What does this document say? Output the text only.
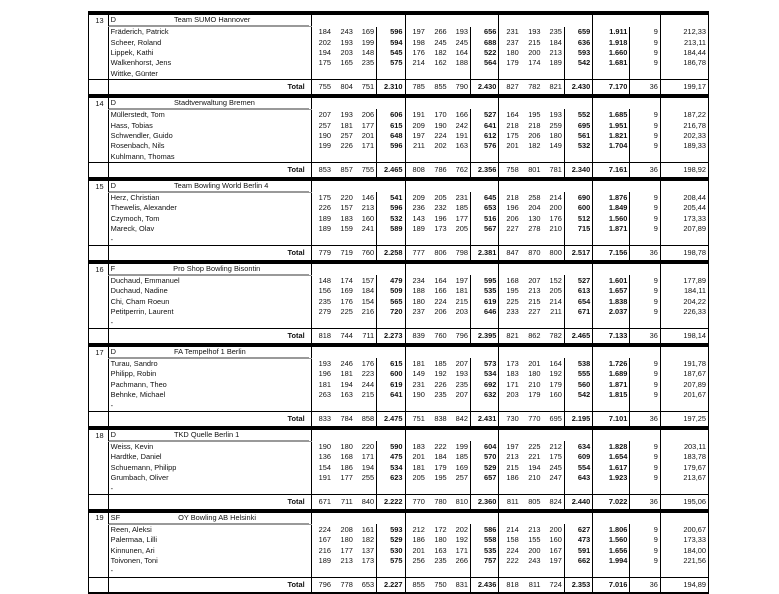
13	D Team SUMO Hannover															

	Fräderich, Patrick	184	243	169	596	197	266	193	656	231	193	235	659	1.911	9	212,33
	Scheer, Roland	202	193	199	594	198	245	245	688	237	215	184	636	1.918	9	213,11
	Lippek, Kathi	194	203	148	545	176	182	164	522	180	200	213	593	1.660	9	184,44
	Walkenhorst, Jens	175	165	235	575	214	162	188	564	179	174	189	542	1.681	9	186,78
	Wittke, Günter															

	Total	755	804	751	2.310	785	855	790	2.430	827	782	821	2.430	7.170	36	199,17
14	D Stadtverwaltung Bremen															

	Müllerstedt, Tom	207	193	206	606	191	170	166	527	164	195	193	552	1.685	9	187,22
	Hass, Tobias	257	181	177	615	209	190	242	641	218	218	259	695	1.951	9	216,78
	Schwendler, Guido	190	257	201	648	197	224	191	612	175	206	180	561	1.821	9	202,33
	Rosenbach, Nils	199	226	171	596	211	202	163	576	201	182	149	532	1.704	9	189,33
	Kuhlmann, Thomas															

	Total	853	857	755	2.465	808	786	762	2.356	758	801	781	2.340	7.161	36	198,92
15	D Team Bowling World Berlin 4															

	Herz, Christian	175	220	146	541	209	205	231	645	218	258	214	690	1.876	9	208,44
	Thewelis, Alexander	226	157	213	596	236	232	185	653	196	204	200	600	1.849	9	205,44
	Czymoch, Tom	189	183	160	532	143	196	177	516	206	130	176	512	1.560	9	173,33
	Mareck, Olav	189	159	241	589	189	173	205	567	227	278	210	715	1.871	9	207,89
	-															

	Total	779	719	760	2.258	777	806	798	2.381	847	870	800	2.517	7.156	36	198,78
16	F Pro Shop Bowling Bisontin															

	Duchaud, Emmanuel	148	174	157	479	234	164	197	595	168	207	152	527	1.601	9	177,89
	Duchaud, Nadine	156	169	184	509	188	166	181	535	195	213	205	613	1.657	9	184,11
	Chi, Cham Roeun	235	176	154	565	180	224	215	619	225	215	214	654	1.838	9	204,22
	Petitperrin, Laurent	279	225	216	720	237	206	203	646	233	227	211	671	2.037	9	226,33
	-															

	Total	818	744	711	2.273	839	760	796	2.395	821	862	782	2.465	7.133	36	198,14
17	D FA Tempelhof 1 Berlin															

	Turau, Sandro	193	246	176	615	181	185	207	573	173	201	164	538	1.726	9	191,78
	Philipp, Robin	196	181	223	600	149	192	193	534	183	180	192	555	1.689	9	187,67
	Pachmann, Theo	181	194	244	619	231	226	235	692	171	210	179	560	1.871	9	207,89
	Behnke, Michael	263	163	215	641	190	235	207	632	203	179	160	542	1.815	9	201,67
	-															

	Total	833	784	858	2.475	751	838	842	2.431	730	770	695	2.195	7.101	36	197,25
18	D TKD Quelle Berlin 1															

	Weiss, Kevin	190	180	220	590	183	222	199	604	197	225	212	634	1.828	9	203,11
	Hardtke, Daniel	136	168	171	475	201	184	185	570	213	221	175	609	1.654	9	183,78
	Schuemann, Philipp	154	186	194	534	181	179	169	529	215	194	245	554	1.617	9	179,67
	Grumbach, Oliver	191	177	255	623	205	195	257	657	186	210	247	643	1.923	9	213,67
	-															

	Total	671	711	840	2.222	770	780	810	2.360	811	805	824	2.440	7.022	36	195,06
19	SF OY Bowling AB Helsinki															

	Reen, Aleksi	224	208	161	593	212	172	202	586	214	213	200	627	1.806	9	200,67
	Palermaa, Lilli	167	180	182	529	186	180	192	558	158	155	160	473	1.560	9	173,33
	Kinnunen, Ari	216	177	137	530	201	163	171	535	224	200	167	591	1.656	9	184,00
	Toivonen, Toni	189	213	173	575	256	235	266	757	222	243	197	662	1.994	9	221,56
	-															

	Total	796	778	653	2.227	855	750	831	2.436	818	811	724	2.353	7.016	36	194,89
